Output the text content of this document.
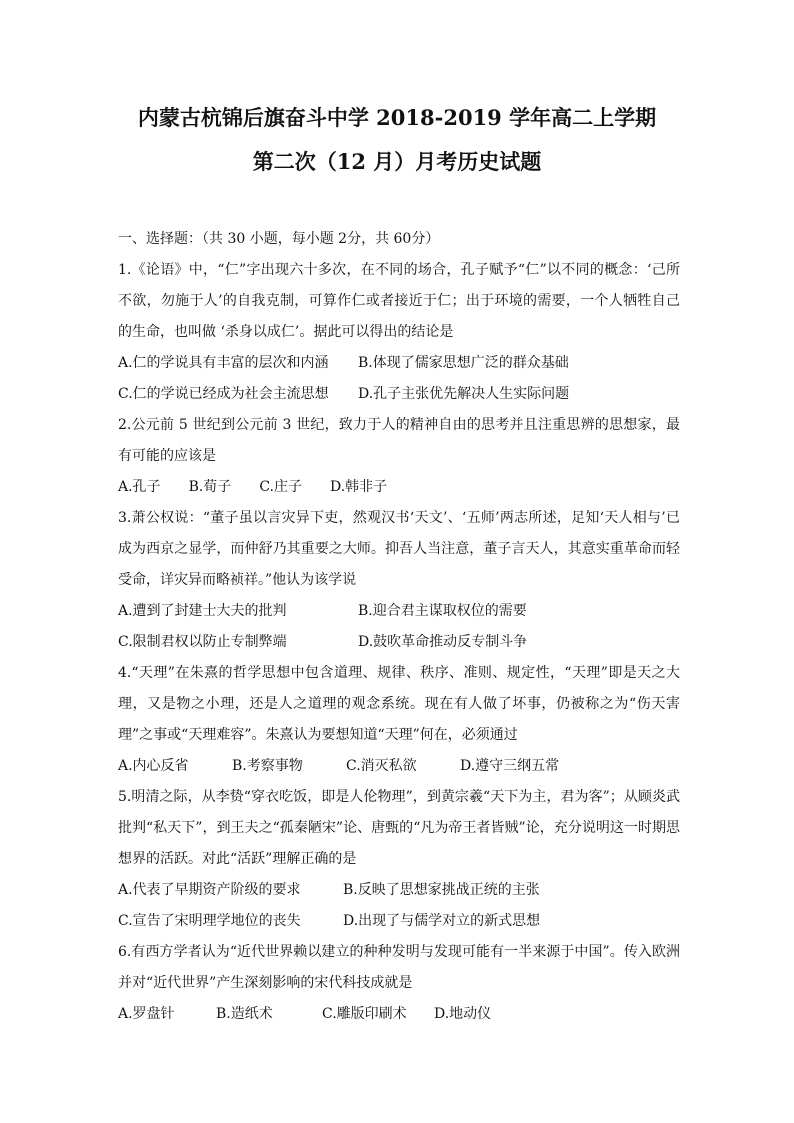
内蒙古杭锦后旗奋斗中学 2018-2019 学年高二上学期
第二次（12 月）月考历史试题
一、选择题：（共 30 小题，每小题 2分，共 60分）
1.《论语》中，“仁”字出现六十多次，在不同的场合，孔子赋予“仁”以不同的概念：‘己所不欲，勿施于人’的自我克制，可算作仁或者接近于仁；出于环境的需要，一个人牺牲自己的生命，也叫做 ‘杀身以成仁’。据此可以得出的结论是
A.仁的学说具有丰富的层次和内涵	B.体现了儒家思想广泛的群众基础
C.仁的学说已经成为社会主流思想	D.孔子主张优先解决人生实际问题
2.公元前 5 世纪到公元前 3 世纪，致力于人的精神自由的思考并且注重思辨的思想家，最有可能的应该是
A.孔子 B.荀子 C.庄子 D.韩非子
3.萧公权说：“董子虽以言灾异下吏，然观汉书‘天文’、‘五师’两志所述，足知‘天人相与’已成为西京之显学，而仲舒乃其重要之大师。抑吾人当注意，董子言天人，其意实重革命而轻受命，详灾异而略祯祥。”他认为该学说
A.遭到了封建士大夫的批判	B.迎合君主谋取权位的需要
C.限制君权以防止专制弊端	D.鼓吹革命推动反专制斗争
4.“天理”在朱熹的哲学思想中包含道理、规律、秩序、准则、规定性，“天理”即是天之大理，又是物之小理，还是人之道理的观念系统。现在有人做了坏事，仍被称之为“伤天害理”之事或“天理难容”。朱熹认为要想知道“天理”何在，必须通过
A.内心反省	B.考察事物	C.消灭私欲	D.遵守三纲五常
5.明清之际，从李贽“穿衣吃饭，即是人伦物理”，到黄宗羲“天下为主，君为客”；从顾炎武批判“私天下”，到王夫之“孤秦陋宋”论、唐甄的“凡为帝王者皆贼”论，充分说明这一时期思想界的活跃。对此“活跃”理解正确的是
A.代表了早期资产阶级的要求	B.反映了思想家挑战正统的主张
C.宣告了宋明理学地位的丧失	D.出现了与儒学对立的新式思想
6.有西方学者认为“近代世界赖以建立的种种发明与发现可能有一半来源于中国”。传入欧洲并对“近代世界”产生深刻影响的宋代科技成就是
A.罗盘针	B.造纸术	C.雕版印刷术	D.地动仪
